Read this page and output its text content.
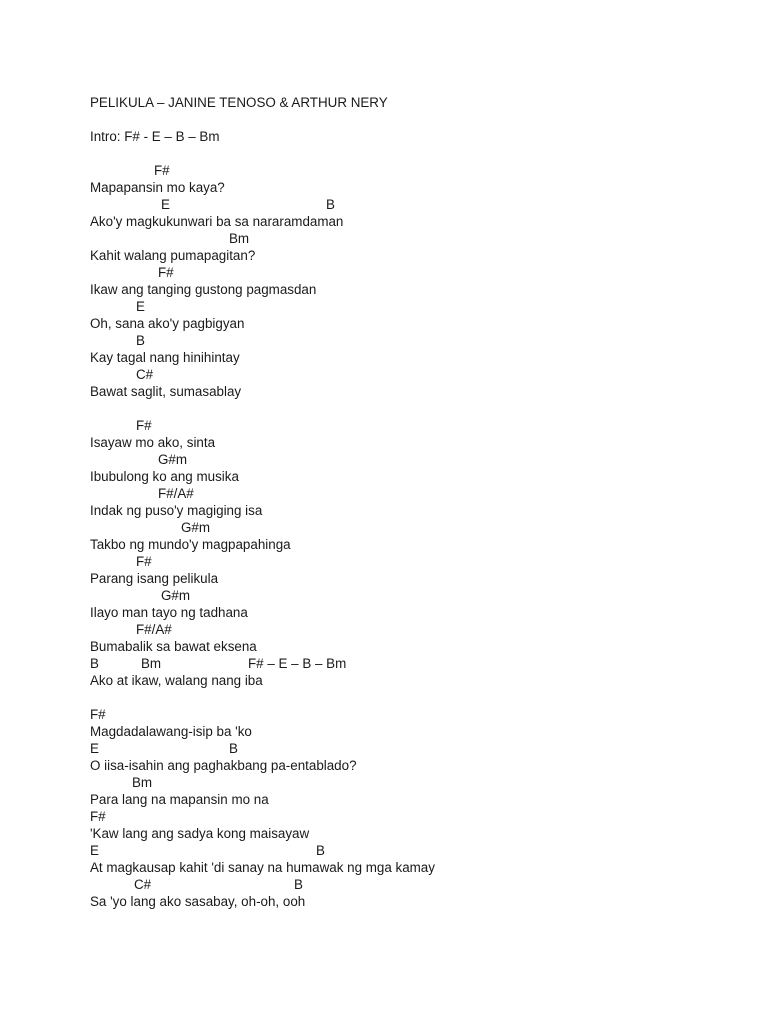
PELIKULA – JANINE TENOSO & ARTHUR NERY
Intro: F# - E – B – Bm
F#
Mapapansin mo kaya?
E	B
Ako'y magkukunwari ba sa nararamdaman
Bm
Kahit walang pumapagitan?
F#
Ikaw ang tanging gustong pagmasdan
E
Oh, sana ako'y pagbigyan
B
Kay tagal nang hinihintay
C#
Bawat saglit, sumasablay
F#
Isayaw mo ako, sinta
G#m
Ibubulong ko ang musika
F#/A#
Indak ng puso'y magiging isa
G#m
Takbo ng mundo'y magpapahinga
F#
Parang isang pelikula
G#m
Ilayo man tayo ng tadhana
F#/A#
Bumabalik sa bawat eksena
B	Bm	F# – E – B – Bm
Ako at ikaw, walang nang iba
F#
Magdadalawang-isip ba 'ko
E	B
O iisa-isahin ang paghakbang pa-entablado?
Bm
Para lang na mapansin mo na
F#
'Kaw lang ang sadya kong maisayaw
E	B
At magkausap kahit 'di sanay na humawak ng mga kamay
C#	B
Sa 'yo lang ako sasabay, oh-oh, ooh
